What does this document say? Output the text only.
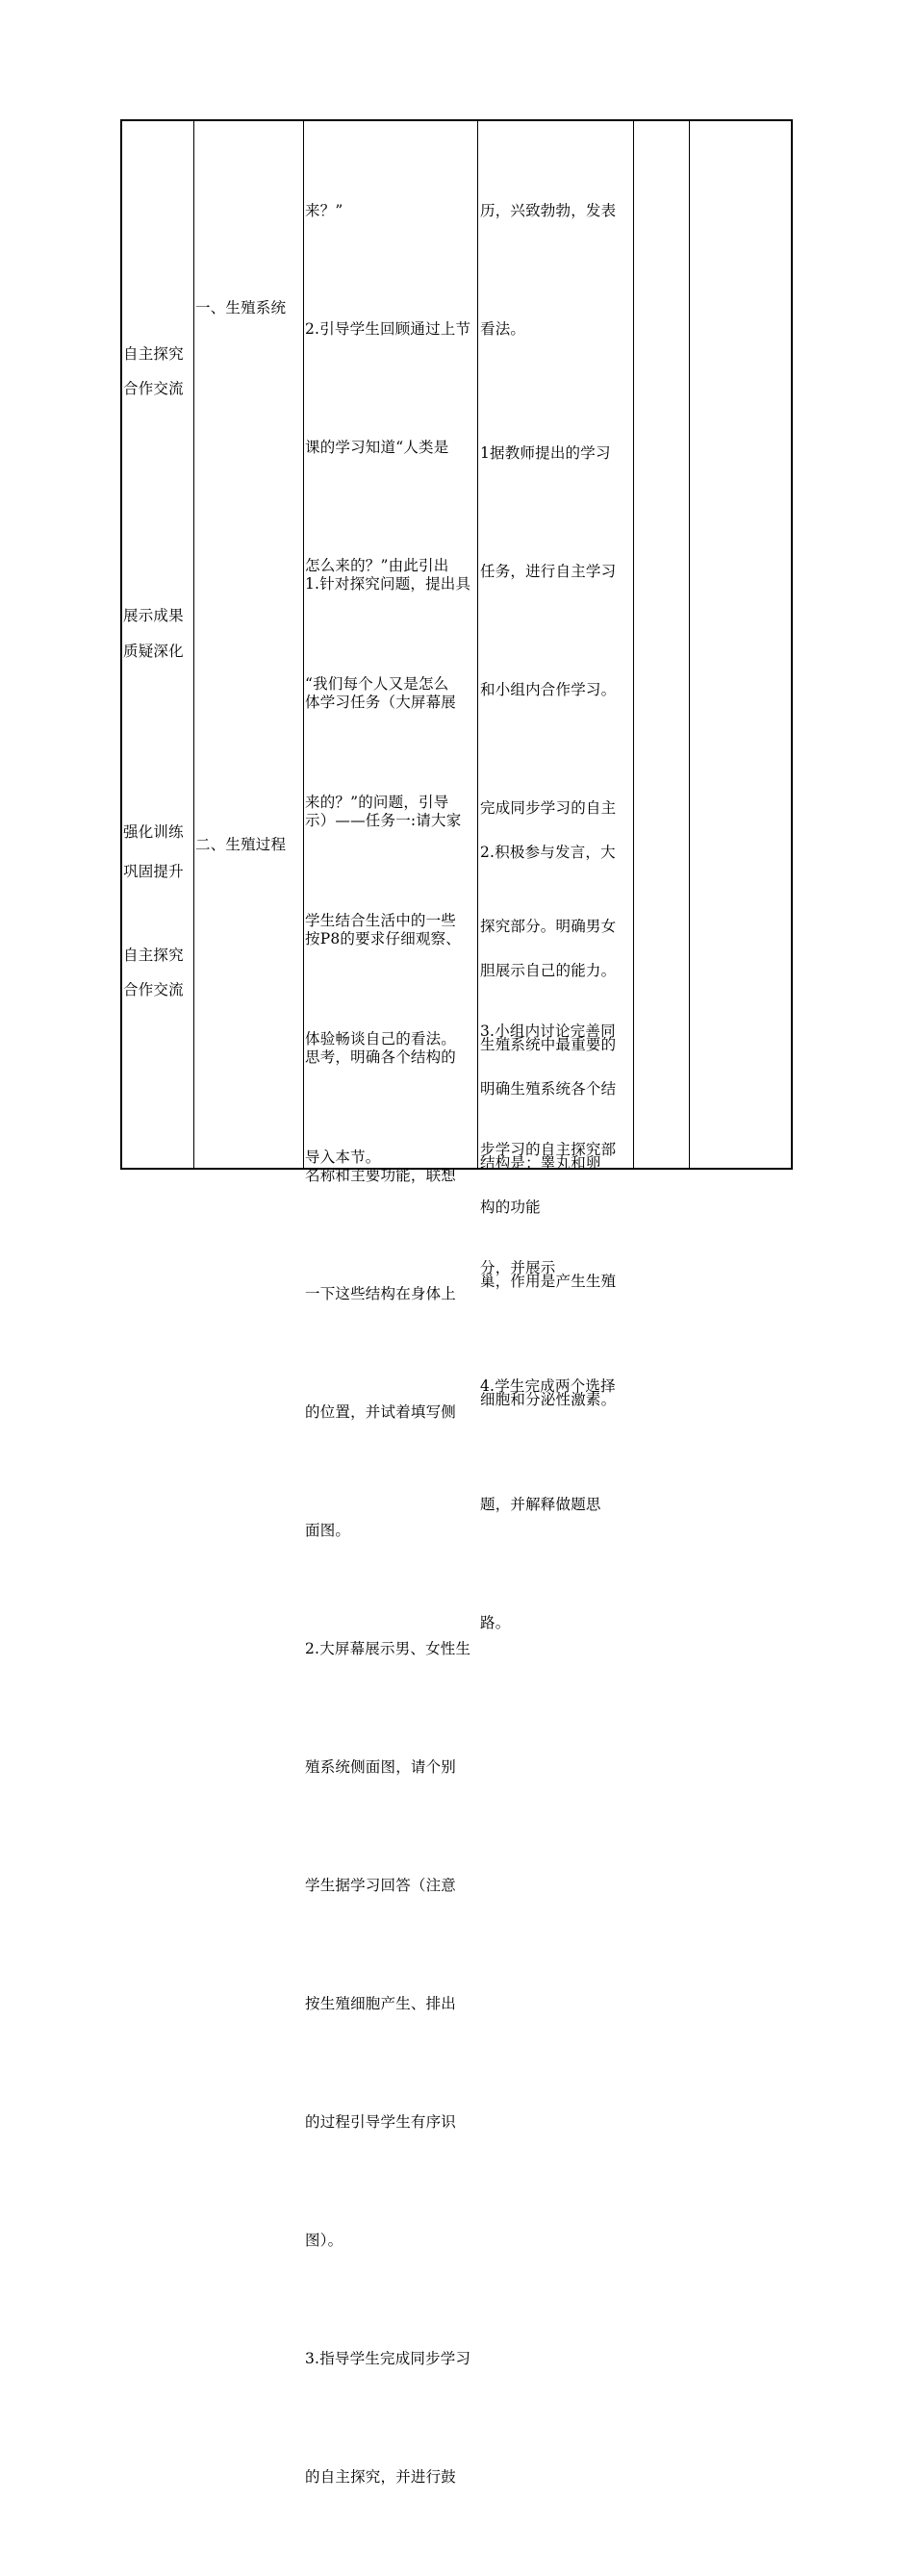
自主探究
合作交流

展示成果
质疑深化

强化训练
巩固提升

自主探究
合作交流

一、生殖系统

二、生殖过程

来？”

2.引导学生回顾通过上节

课的学习知道“人类是

怎么来的？”由此引出

“我们每个人又是怎么

来的？”的问题，引导

学生结合生活中的一些

体验畅谈自己的看法。

导入本节。

1.针对探究问题，提出具

体学习任务（大屏幕展

示）——任务一:请大家

按P8的要求仔细观察、

思考，明确各个结构的

名称和主要功能，联想

一下这些结构在身体上

的位置，并试着填写侧

面图。

2.大屏幕展示男、女性生

殖系统侧面图，请个别

学生据学习回答（注意

按生殖细胞产生、排出

的过程引导学生有序识

图）。

3.指导学生完成同步学习

的自主探究，并进行鼓

历，兴致勃勃，发表

看法。

1据教师提出的学习

任务，进行自主学习

和小组内合作学习。

完成同步学习的自主

探究部分。明确男女

生殖系统中最重要的

结构是：睾丸和卵

巢，作用是产生生殖

细胞和分泌性激素。

2.积极参与发言，大

胆展示自己的能力。

明确生殖系统各个结

构的功能

3.小组内讨论完善同

步学习的自主探究部

分，并展示

4.学生完成两个选择

题，并解释做题思

路。
